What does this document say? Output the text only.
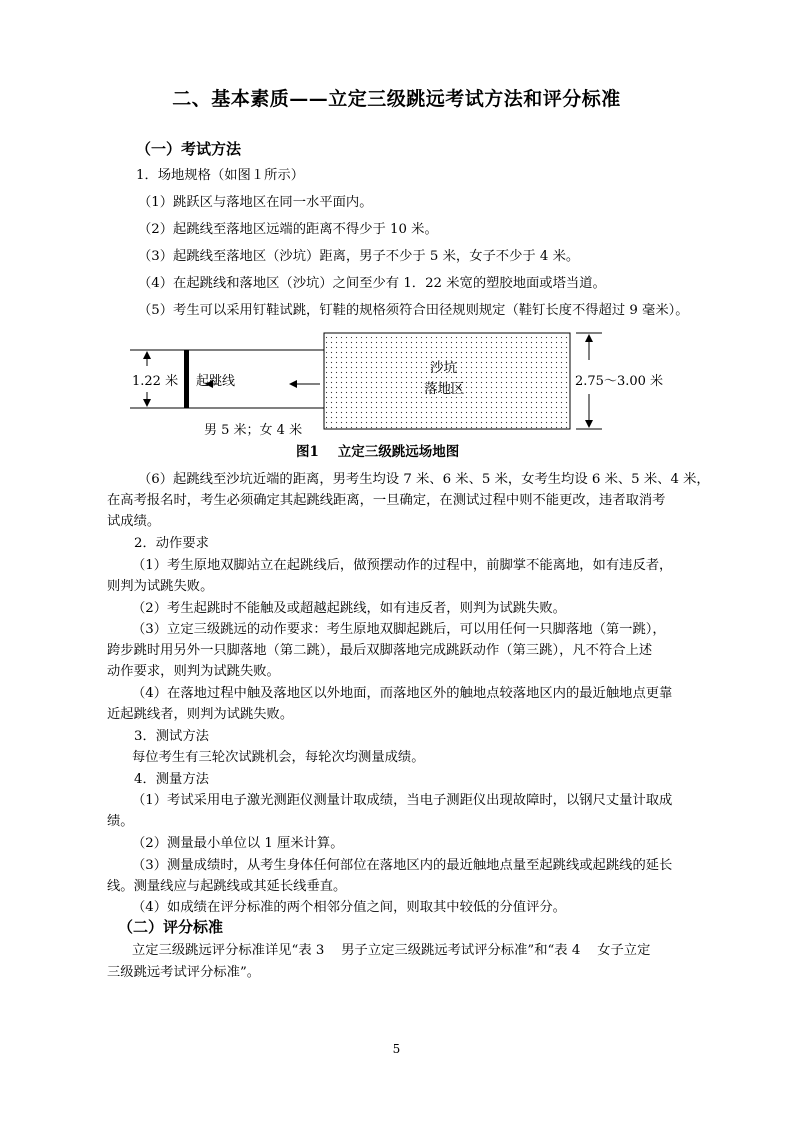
二、基本素质——立定三级跳远考试方法和评分标准
（一）考试方法
1．场地规格（如图１所示）
（1）跳跃区与落地区在同一水平面内。
（2）起跳线至落地区远端的距离不得少于 10 米。
（3）起跳线至落地区（沙坑）距离，男子不少于 5 米，女子不少于 4 米。
（4）在起跳线和落地区（沙坑）之间至少有 1．22 米宽的塑胶地面或塔当道。
（5）考生可以采用钉鞋试跳，钉鞋的规格须符合田径规则规定（鞋钉长度不得超过 9 毫米）。
1.22 米 起跳线
沙坑
落地区	2.75～3.00 米
男 5 米；女 4 米
图1    立定三级跳远场地图
（6）起跳线至沙坑近端的距离，男考生均设 7 米、6 米、5 米，女考生均设 6 米、5 米、4 米，
在高考报名时，考生必须确定其起跳线距离，一旦确定，在测试过程中则不能更改，违者取消考
试成绩。
2．动作要求
（1）考生原地双脚站立在起跳线后，做预摆动作的过程中，前脚掌不能离地，如有违反者，
则判为试跳失败。
（2）考生起跳时不能触及或超越起跳线，如有违反者，则判为试跳失败。
（3）立定三级跳远的动作要求：考生原地双脚起跳后，可以用任何一只脚落地（第一跳），
跨步跳时用另外一只脚落地（第二跳），最后双脚落地完成跳跃动作（第三跳），凡不符合上述
动作要求，则判为试跳失败。
（4）在落地过程中触及落地区以外地面，而落地区外的触地点较落地区内的最近触地点更靠
近起跳线者，则判为试跳失败。
3．测试方法
每位考生有三轮次试跳机会，每轮次均测量成绩。
4．测量方法
（1）考试采用电子激光测距仪测量计取成绩，当电子测距仪出现故障时，以钢尺丈量计取成
绩。
（2）测量最小单位以 1 厘米计算。
（3）测量成绩时，从考生身体任何部位在落地区内的最近触地点量至起跳线或起跳线的延长
线。测量线应与起跳线或其延长线垂直。
（4）如成绩在评分标准的两个相邻分值之间，则取其中较低的分值评分。
（二）评分标准
立定三级跳远评分标准详见“表 3    男子立定三级跳远考试评分标准”和“表 4    女子立定
三级跳远考试评分标准”。
5
